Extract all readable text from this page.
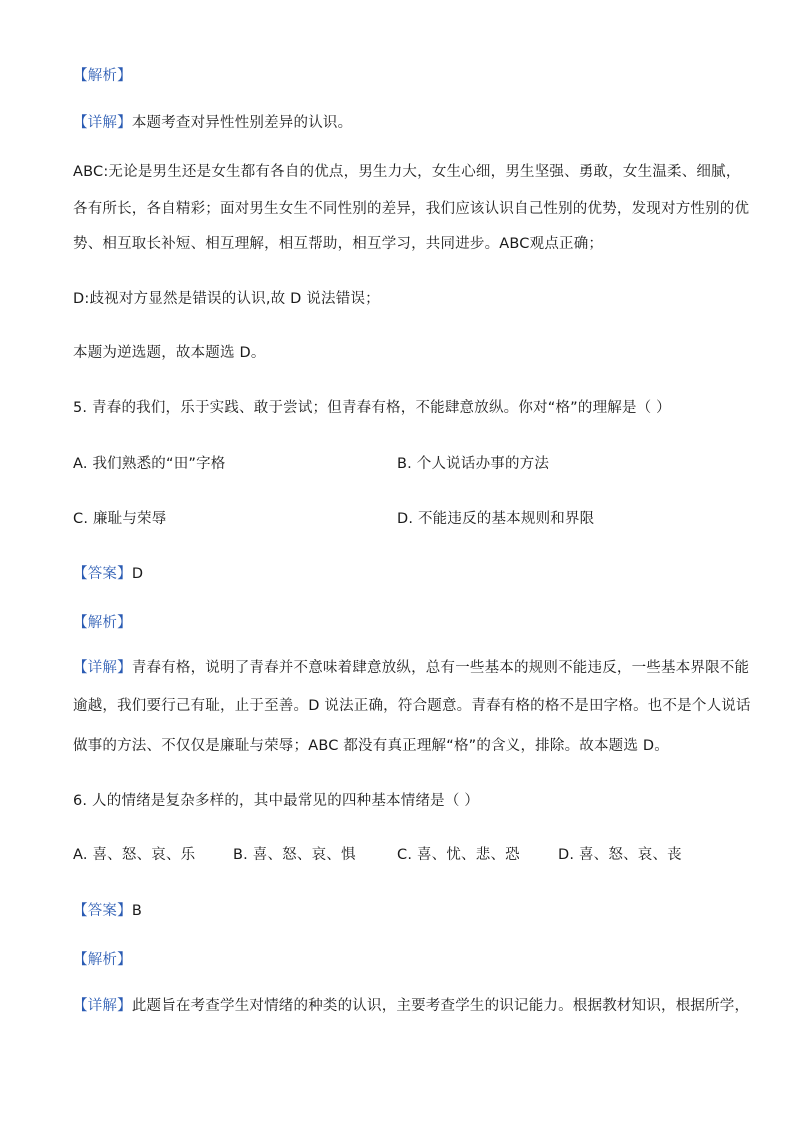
【解析】
【详解】本题考查对异性性别差异的认识。
ABC:无论是男生还是女生都有各自的优点，男生力大，女生心细，男生坚强、勇敢，女生温柔、细腻，
各有所长，各自精彩；面对男生女生不同性别的差异，我们应该认识自己性别的优势，发现对方性别的优
势、相互取长补短、相互理解，相互帮助，相互学习，共同进步。ABC观点正确；
D:歧视对方显然是错误的认识,故 D 说法错误；
本题为逆选题，故本题选 D。
5. 青春的我们，乐于实践、敢于尝试；但青春有格，不能肆意放纵。你对“格”的理解是（ ）
A. 我们熟悉的“田”字格	B. 个人说话办事的方法
C. 廉耻与荣辱	D. 不能违反的基本规则和界限
【答案】D
【解析】
【详解】青春有格，说明了青春并不意味着肆意放纵，总有一些基本的规则不能违反，一些基本界限不能
逾越，我们要行己有耻，止于至善。D 说法正确，符合题意。青春有格的格不是田字格。也不是个人说话
做事的方法、不仅仅是廉耻与荣辱；ABC 都没有真正理解“格”的含义，排除。故本题选 D。
6. 人的情绪是复杂多样的，其中最常见的四种基本情绪是（ ）
A. 喜、怒、哀、乐	B. 喜、怒、哀、惧	C. 喜、忧、悲、恐	D. 喜、怒、哀、丧
【答案】B
【解析】
【详解】此题旨在考查学生对情绪的种类的认识，主要考查学生的识记能力。根据教材知识，根据所学，
